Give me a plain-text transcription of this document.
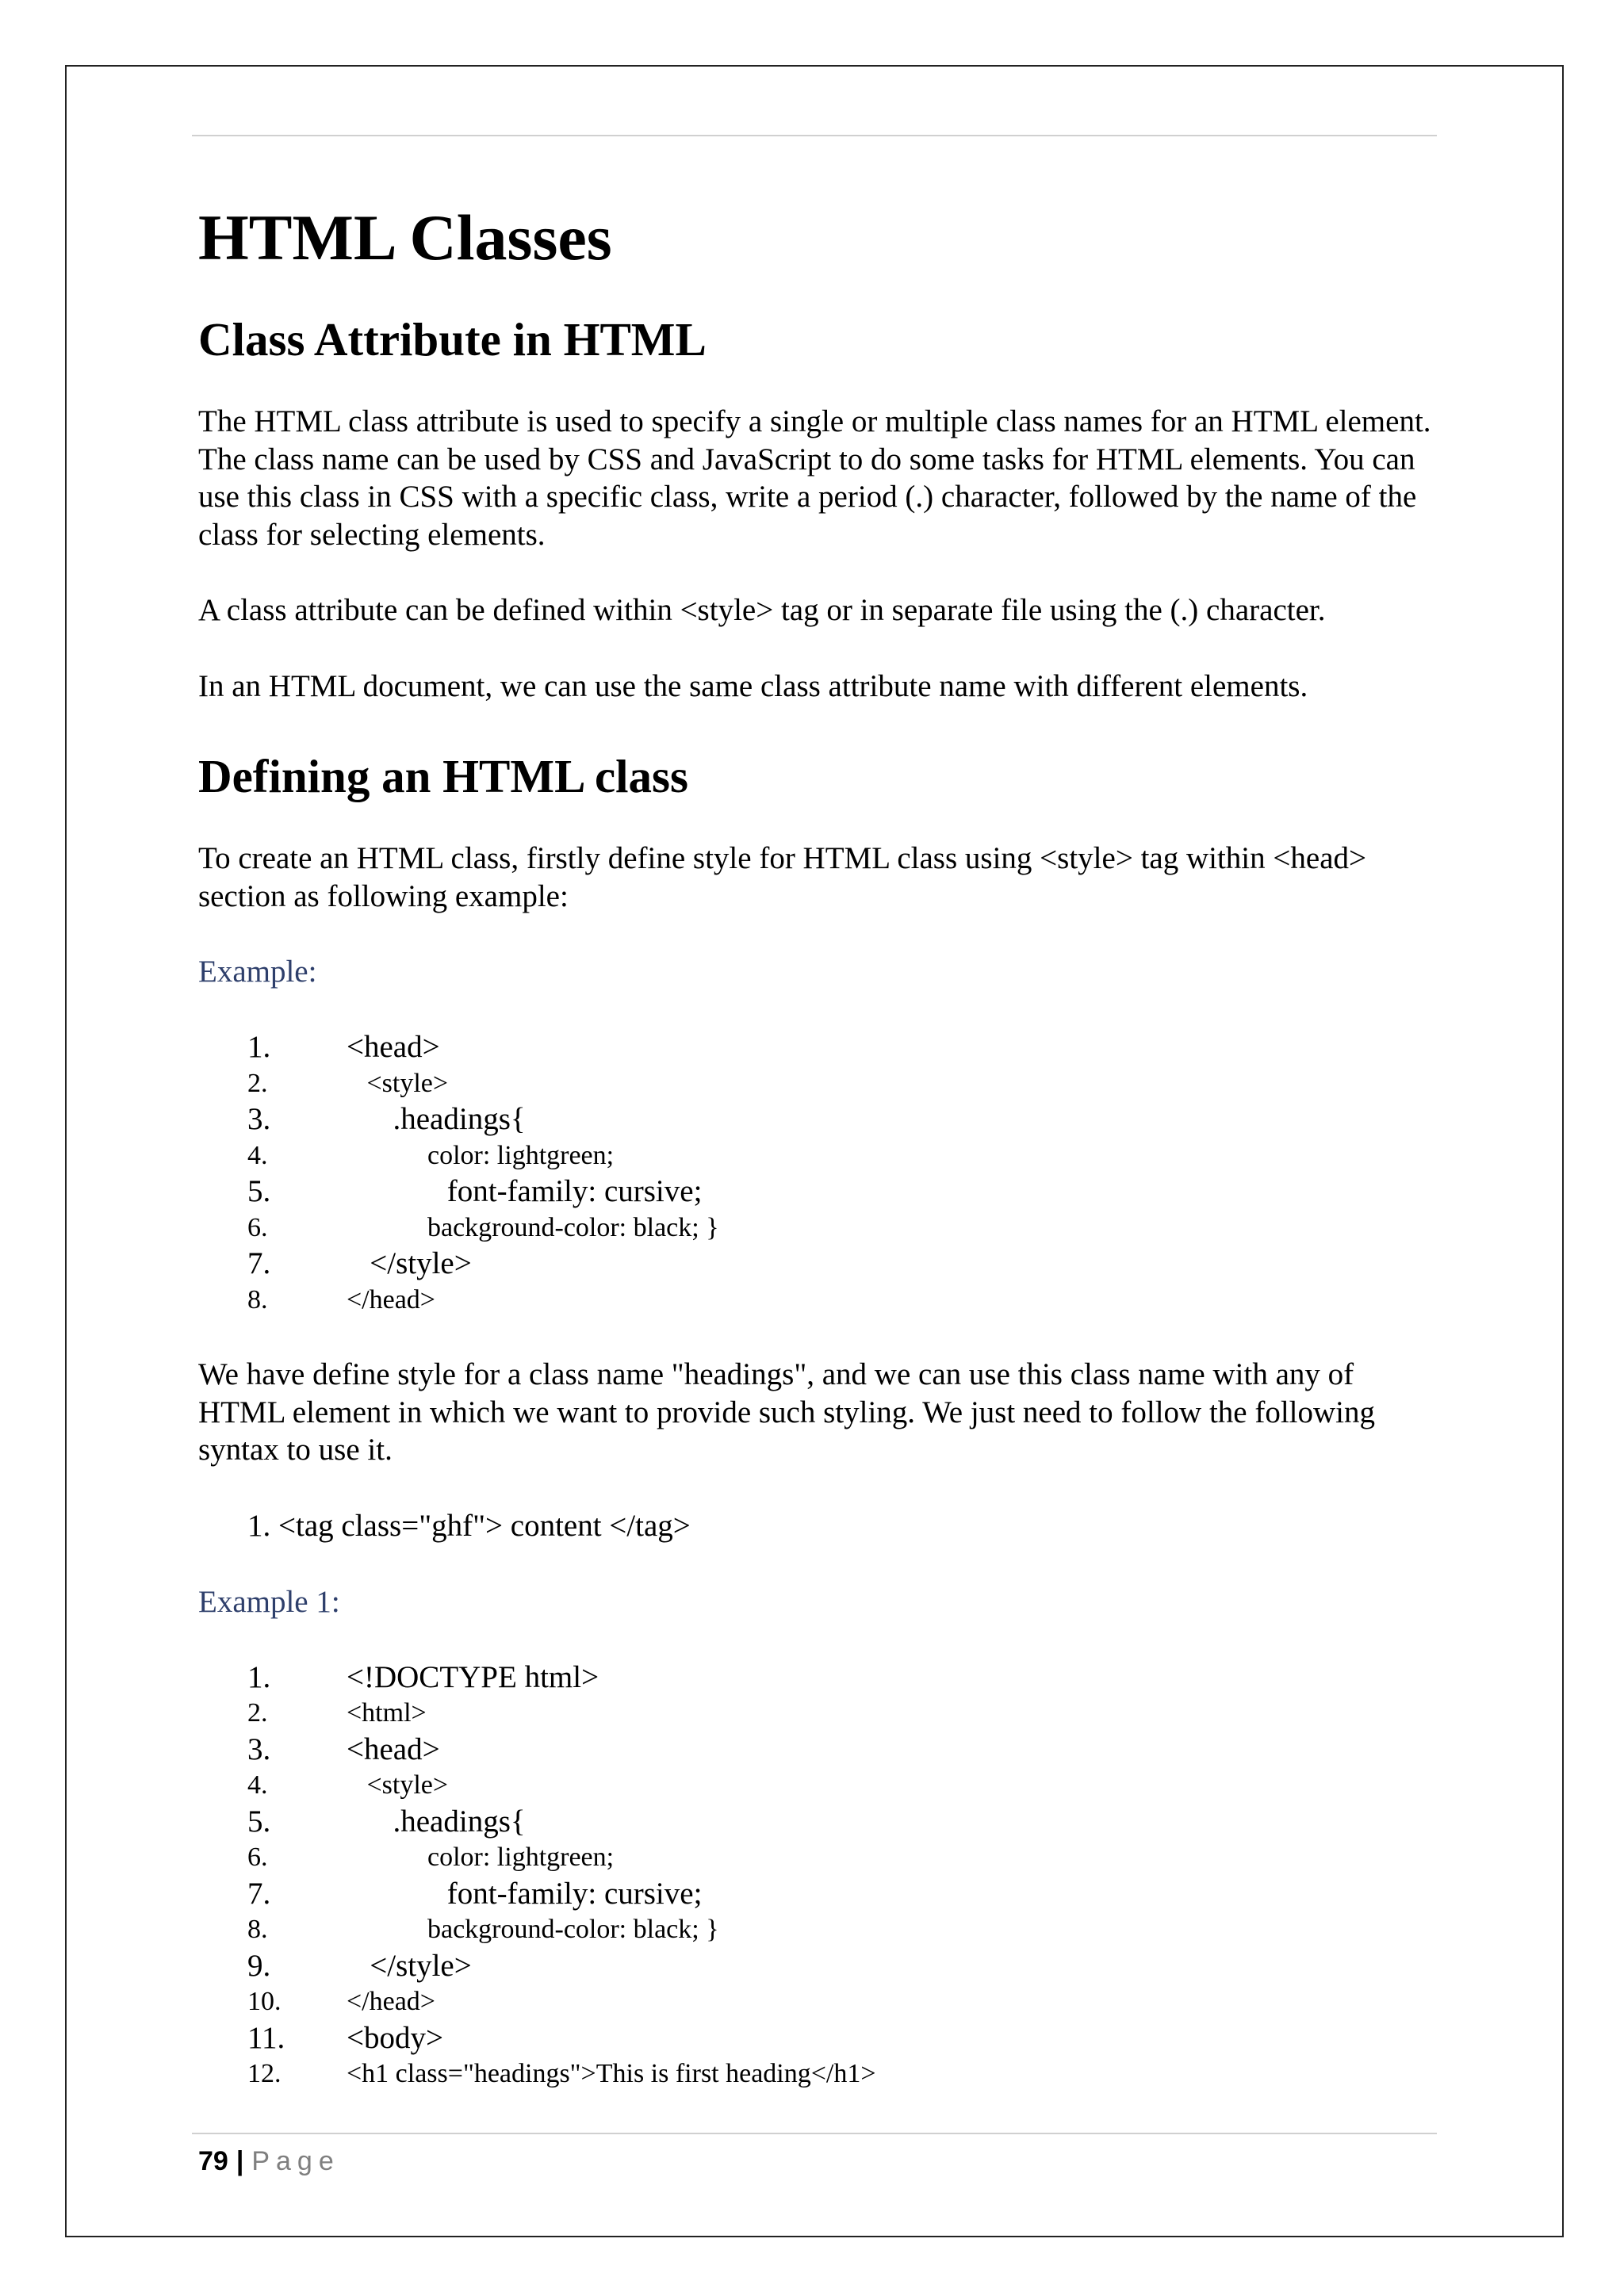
HTML Classes
Class Attribute in HTML

The HTML class attribute is used to specify a single or multiple class names for an HTML element. The class name can be used by CSS and JavaScript to do some tasks for HTML elements. You can use this class in CSS with a specific class, write a period (.) character, followed by the name of the class for selecting elements.

A class attribute can be defined within <style> tag or in separate file using the (.) character.

In an HTML document, we can use the same class attribute name with different elements.

Defining an HTML class

To create an HTML class, firstly define style for HTML class using <style> tag within <head> section as following example:

Example:
1.	<head>
2.	<style>
3.	.headings{
4.	color: lightgreen;
5.	font-family: cursive;
6.	background-color: black; }
7.	</style>
8.	</head>

We have define style for a class name "headings", and we can use this class name with any of HTML element in which we want to provide such styling. We just need to follow the following syntax to use it.

1. <tag class="ghf"> content </tag>
Example 1:
1.	<!DOCTYPE html>
2.	<html>
3.	<head>
4.	<style>
5.	.headings{
6.	color: lightgreen;
7.	font-family: cursive;
8.	background-color: black; }
9.	</style>
10.	</head>
11.	<body>
12.	<h1 class="headings">This is first heading</h1>
79 | Page
